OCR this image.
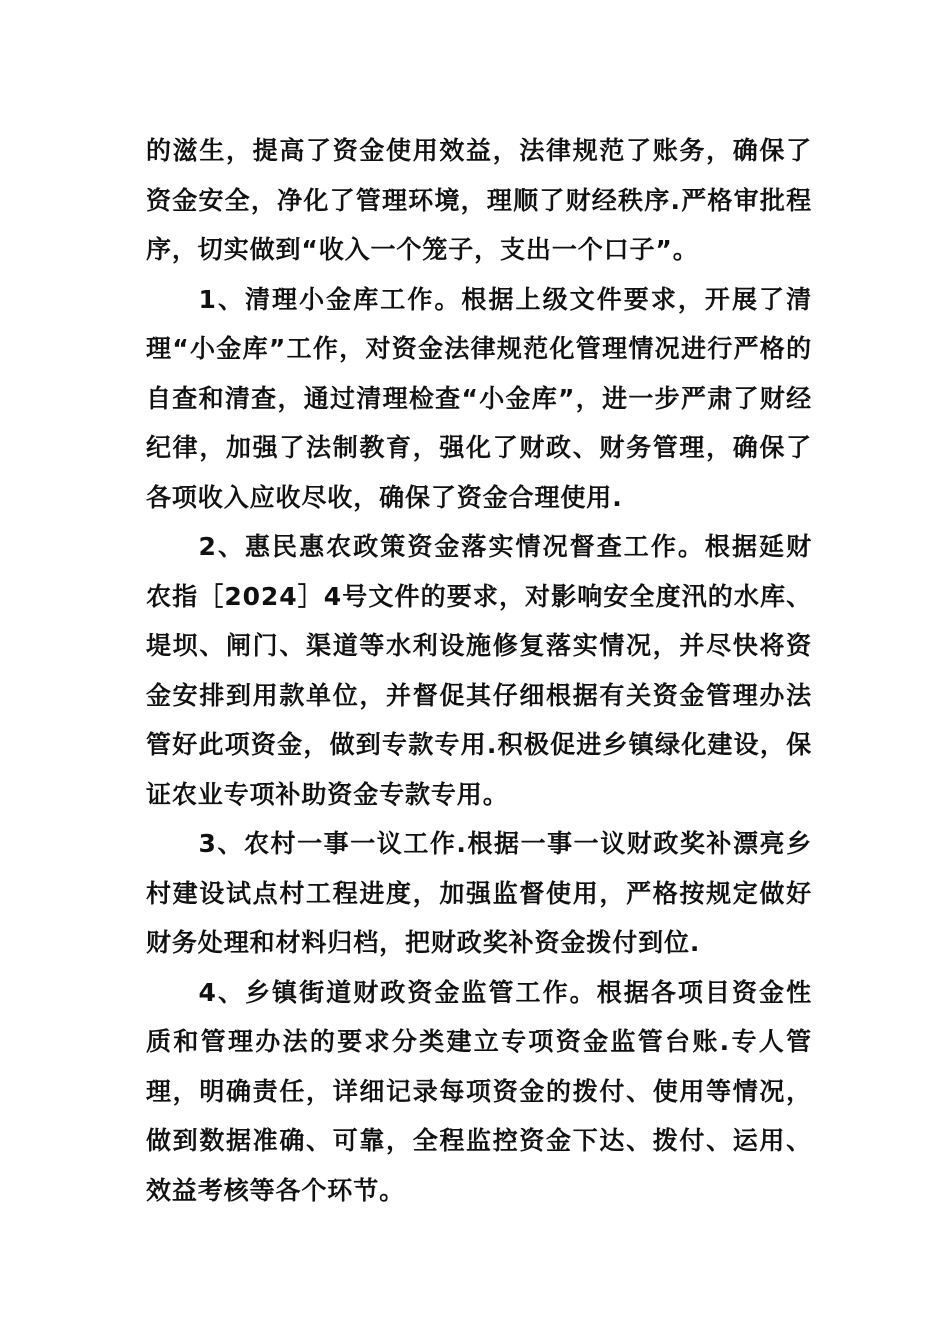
的滋生，提高了资金使用效益，法律规范了账务，确保了资金安全，净化了管理环境，理顺了财经秩序.严格审批程序，切实做到“收入一个笼子，支出一个口子”。

1、清理小金库工作。根据上级文件要求，开展了清理“小金库”工作，对资金法律规范化管理情况进行严格的自查和清查，通过清理检查“小金库”，进一步严肃了财经纪律，加强了法制教育，强化了财政、财务管理，确保了各项收入应收尽收，确保了资金合理使用.

2、惠民惠农政策资金落实情况督查工作。根据延财农指［2024］4号文件的要求，对影响安全度汛的水库、堤坝、闸门、渠道等水利设施修复落实情况，并尽快将资金安排到用款单位，并督促其仔细根据有关资金管理办法管好此项资金，做到专款专用.积极促进乡镇绿化建设，保证农业专项补助资金专款专用。

3、农村一事一议工作.根据一事一议财政奖补漂亮乡村建设试点村工程进度，加强监督使用，严格按规定做好财务处理和材料归档，把财政奖补资金拨付到位.

4、乡镇街道财政资金监管工作。根据各项目资金性质和管理办法的要求分类建立专项资金监管台账.专人管理，明确责任，详细记录每项资金的拨付、使用等情况，做到数据准确、可靠，全程监控资金下达、拨付、运用、效益考核等各个环节。
